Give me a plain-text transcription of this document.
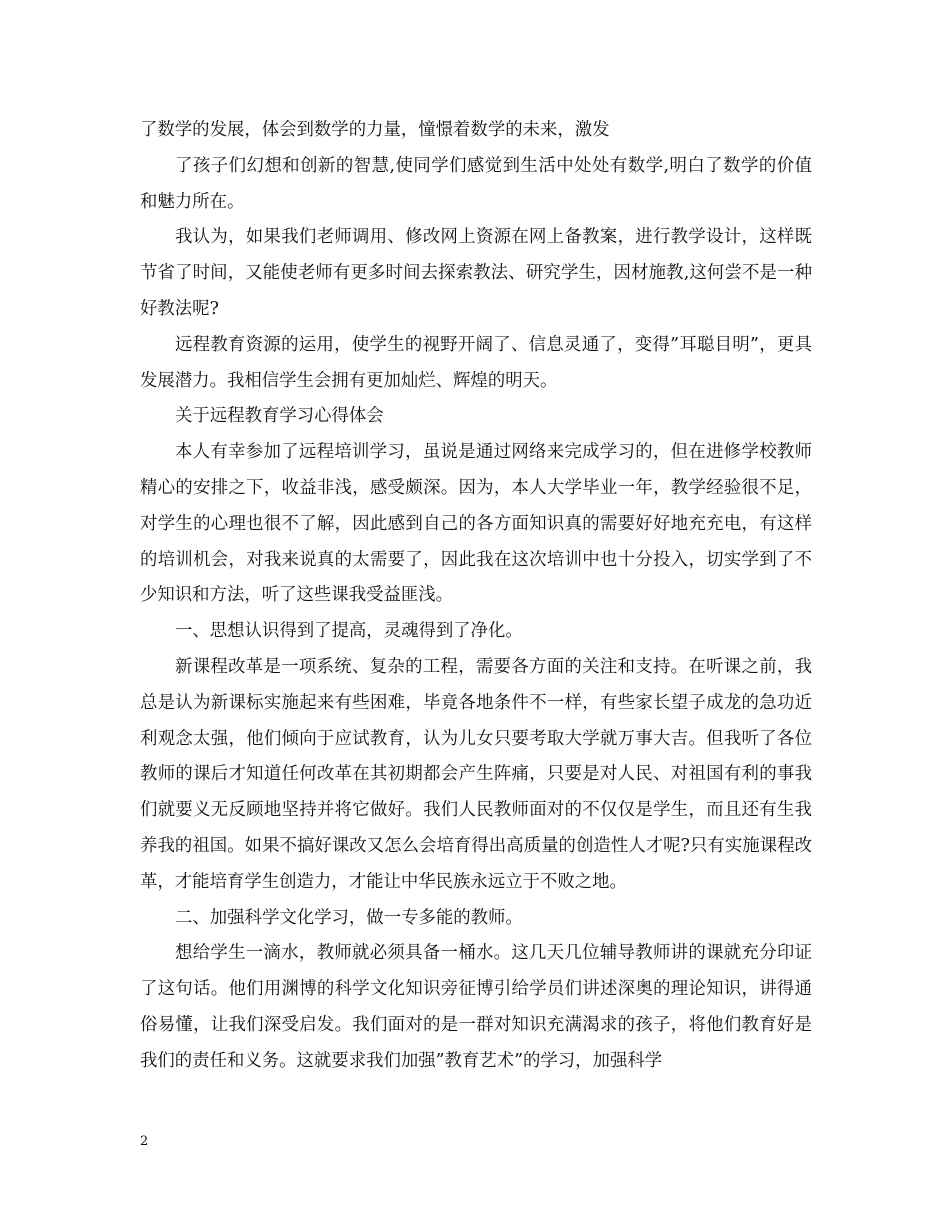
了数学的发展，体会到数学的力量，憧憬着数学的未来，激发

了孩子们幻想和创新的智慧,使同学们感觉到生活中处处有数学,明白了数学的价值和魅力所在。

我认为，如果我们老师调用、修改网上资源在网上备教案，进行教学设计，这样既节省了时间，又能使老师有更多时间去探索教法、研究学生，因材施教,这何尝不是一种好教法呢?

远程教育资源的运用，使学生的视野开阔了、信息灵通了，变得”耳聪目明”，更具发展潜力。我相信学生会拥有更加灿烂、辉煌的明天。

关于远程教育学习心得体会

本人有幸参加了远程培训学习，虽说是通过网络来完成学习的，但在进修学校教师精心的安排之下，收益非浅，感受颇深。因为，本人大学毕业一年，教学经验很不足，对学生的心理也很不了解，因此感到自己的各方面知识真的需要好好地充充电，有这样的培训机会，对我来说真的太需要了，因此我在这次培训中也十分投入，切实学到了不少知识和方法，听了这些课我受益匪浅。

一、思想认识得到了提高，灵魂得到了净化。

新课程改革是一项系统、复杂的工程，需要各方面的关注和支持。在听课之前，我总是认为新课标实施起来有些困难，毕竟各地条件不一样，有些家长望子成龙的急功近利观念太强，他们倾向于应试教育，认为儿女只要考取大学就万事大吉。但我听了各位教师的课后才知道任何改革在其初期都会产生阵痛，只要是对人民、对祖国有利的事我们就要义无反顾地坚持并将它做好。我们人民教师面对的不仅仅是学生，而且还有生我养我的祖国。如果不搞好课改又怎么会培育得出高质量的创造性人才呢?只有实施课程改革，才能培育学生创造力，才能让中华民族永远立于不败之地。

二、加强科学文化学习，做一专多能的教师。

想给学生一滴水，教师就必须具备一桶水。这几天几位辅导教师讲的课就充分印证了这句话。他们用渊博的科学文化知识旁征博引给学员们讲述深奥的理论知识，讲得通俗易懂，让我们深受启发。我们面对的是一群对知识充满渴求的孩子，将他们教育好是我们的责任和义务。这就要求我们加强”教育艺术”的学习，加强科学

2
